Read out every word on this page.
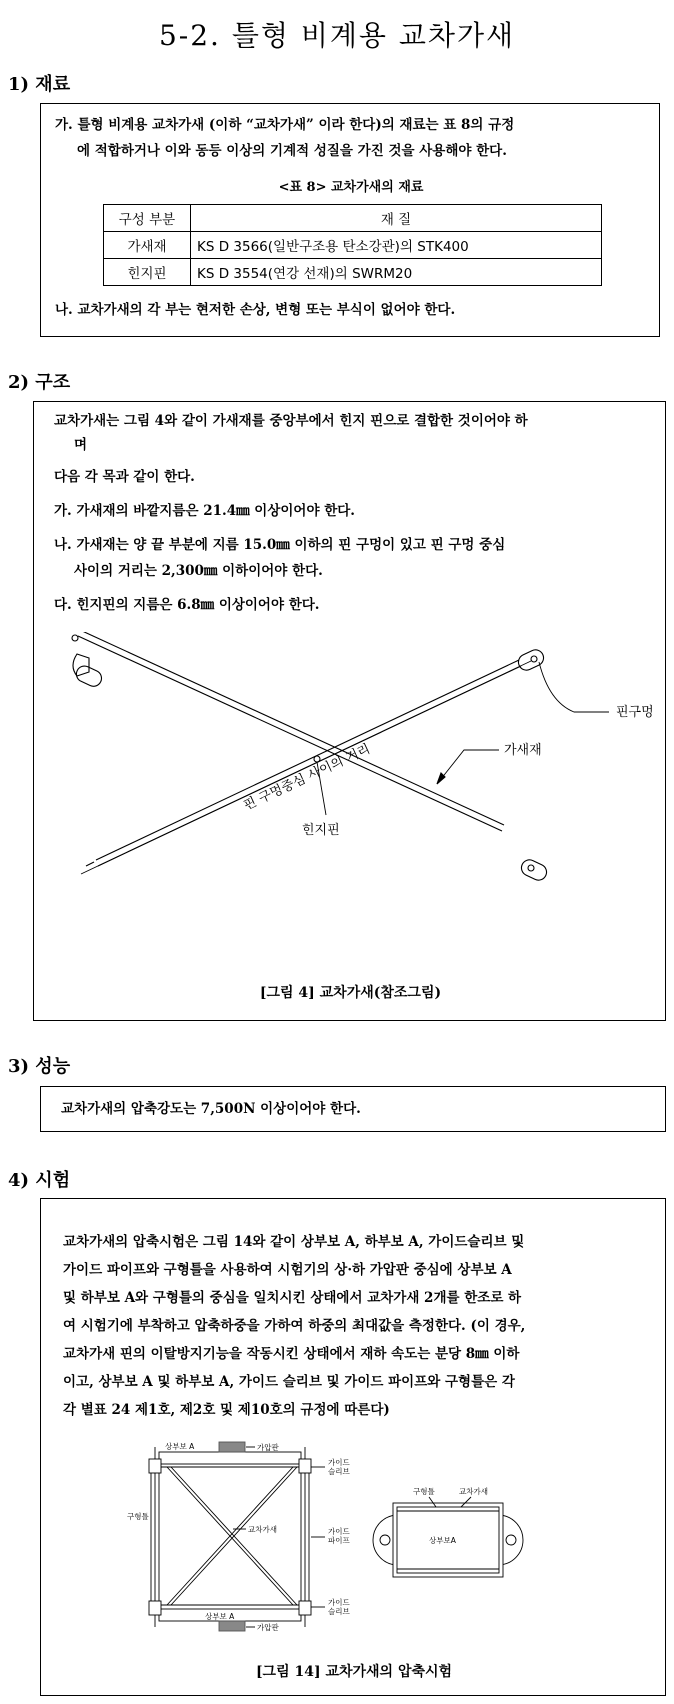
5-2. 틀형 비계용 교차가새
1) 재료
가. 틀형 비계용 교차가새 (이하 “교차가새” 이라 한다)의 재료는 표 8의 규정
에 적합하거나 이와 동등 이상의 기계적 성질을 가진 것을 사용해야 한다.
<표 8> 교차가새의 재료
구성 부분	재 질
가새재	KS D 3566(일반구조용 탄소강관)의 STK400
힌지핀	KS D 3554(연강 선재)의 SWRM20
나. 교차가새의 각 부는 현저한 손상, 변형 또는 부식이 없어야 한다.
2) 구조
교차가새는 그림 4와 같이 가새재를 중앙부에서 힌지 핀으로 결합한 것이어야 하
며
다음 각 목과 같이 한다.
가. 가새재의 바깥지름은 21.4㎜ 이상이어야 한다.
나. 가새재는 양 끝 부분에 지름 15.0㎜ 이하의 핀 구멍이 있고 핀 구멍 중심
사이의 거리는 2,300㎜ 이하이어야 한다.
다. 힌지핀의 지름은 6.8㎜ 이상이어야 한다.
핀구멍
가새재
힌지핀
핀 구멍중심 사이의 거리
[그림 4] 교차가새(참조그림)
3) 성능
교차가새의 압축강도는 7,500N 이상이어야 한다.
4) 시험
교차가새의 압축시험은 그림 14와 같이 상부보 A, 하부보 A, 가이드슬리브 및
가이드 파이프와 구형틀을 사용하여 시험기의 상·하 가압판 중심에 상부보 A
및 하부보 A와 구형틀의 중심을 일치시킨 상태에서 교차가새 2개를 한조로 하
여 시험기에 부착하고 압축하중을 가하여 하중의 최대값을 측정한다. (이 경우,
교차가새 핀의 이탈방지기능을 작동시킨 상태에서 재하 속도는 분당 8㎜ 이하
이고, 상부보 A 및 하부보 A, 가이드 슬리브 및 가이드 파이프와 구형틀은 각
각 별표 24 제1호, 제2호 및 제10호의 규정에 따른다)
상부보 A	가압판
가이드
슬리브
구형틀
교차가새	가이드
파이프
가이드
슬리브
상부보 A
가압판
구형틀	교차가새
상부보A
[그림 14] 교차가새의 압축시험
